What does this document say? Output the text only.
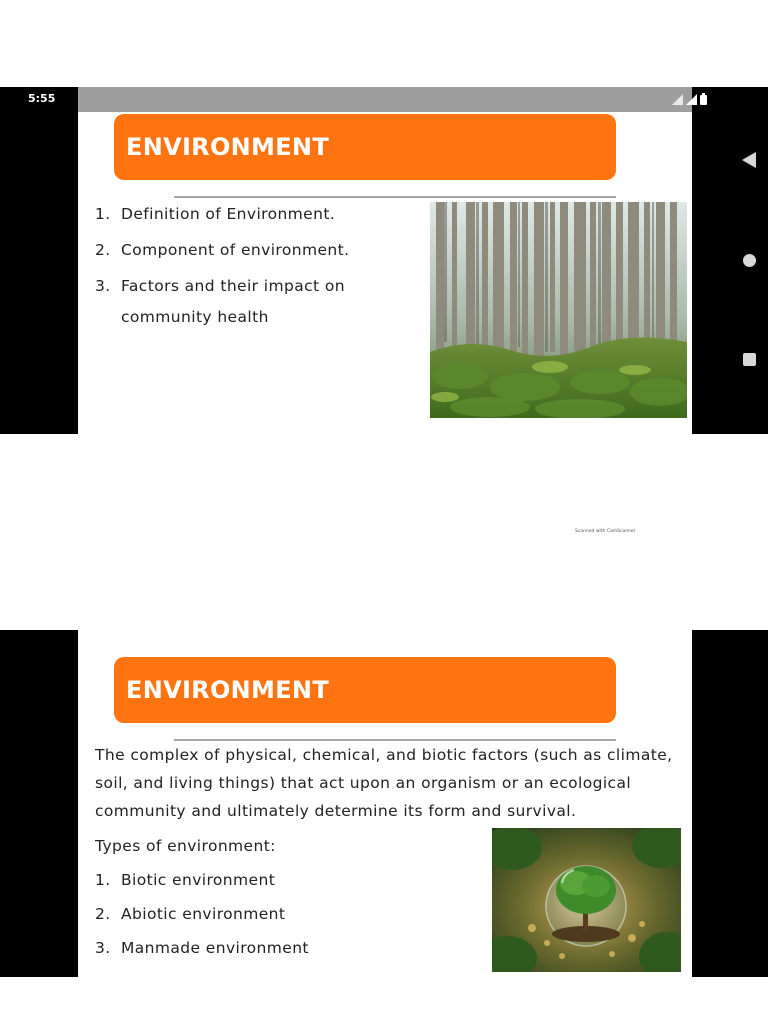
5:55
ENVIRONMENT
1. Definition of Environment.
2. Component of environment.
3. Factors and their impact on
community health
Scanned with CamScanner
ENVIRONMENT
The complex of physical, chemical, and biotic factors (such as climate,
soil, and living things) that act upon an organism or an ecological
community and ultimately determine its form and survival.
Types of environment:
1. Biotic environment
2. Abiotic environment
3. Manmade environment
